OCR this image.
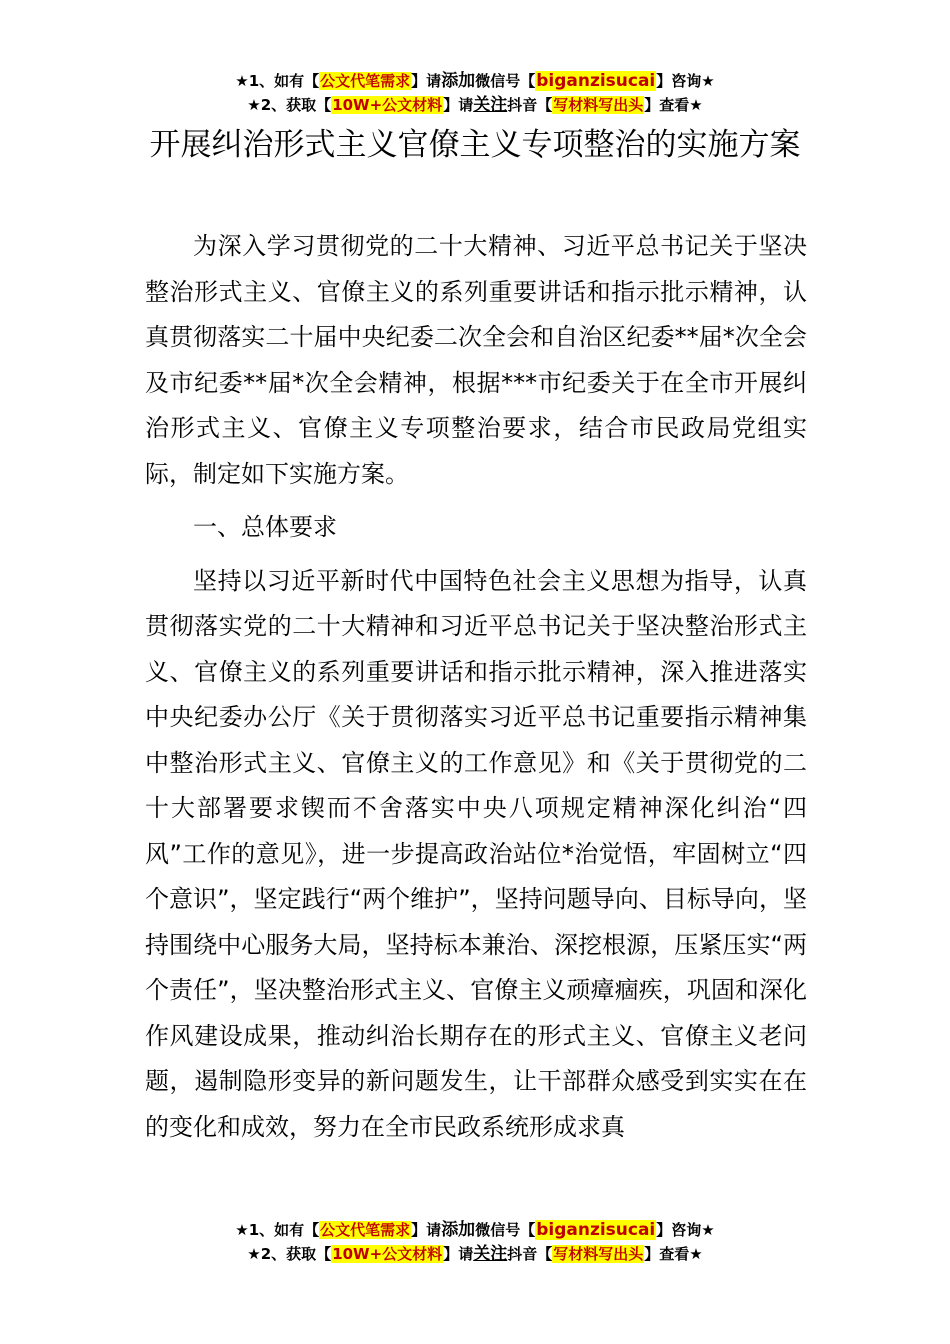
★1、如有【公文代笔需求】请添加微信号【biganzisucai】咨询★
★2、获取【10W+公文材料】请关注抖音【写材料写出头】查看★
开展纠治形式主义官僚主义专项整治的实施方案

为深入学习贯彻党的二十大精神、习近平总书记关于坚决整治形式主义、官僚主义的系列重要讲话和指示批示精神，认真贯彻落实二十届中央纪委二次全会和自治区纪委**届*次全会及市纪委**届*次全会精神，根据***市纪委关于在全市开展纠治形式主义、官僚主义专项整治要求，结合市民政局党组实际，制定如下实施方案。

一、总体要求

坚持以习近平新时代中国特色社会主义思想为指导，认真贯彻落实党的二十大精神和习近平总书记关于坚决整治形式主义、官僚主义的系列重要讲话和指示批示精神，深入推进落实中央纪委办公厅《关于贯彻落实习近平总书记重要指示精神集中整治形式主义、官僚主义的工作意见》和《关于贯彻党的二十大部署要求锲而不舍落实中央八项规定精神深化纠治“四风”工作的意见》，进一步提高政治站位*治觉悟，牢固树立“四个意识”，坚定践行“两个维护”，坚持问题导向、目标导向，坚持围绕中心服务大局，坚持标本兼治、深挖根源，压紧压实“两个责任”，坚决整治形式主义、官僚主义顽瘴痼疾，巩固和深化作风建设成果，推动纠治长期存在的形式主义、官僚主义老问题，遏制隐形变异的新问题发生，让干部群众感受到实实在在的变化和成效，努力在全市民政系统形成求真

★1、如有【公文代笔需求】请添加微信号【biganzisucai】咨询★
★2、获取【10W+公文材料】请关注抖音【写材料写出头】查看★
